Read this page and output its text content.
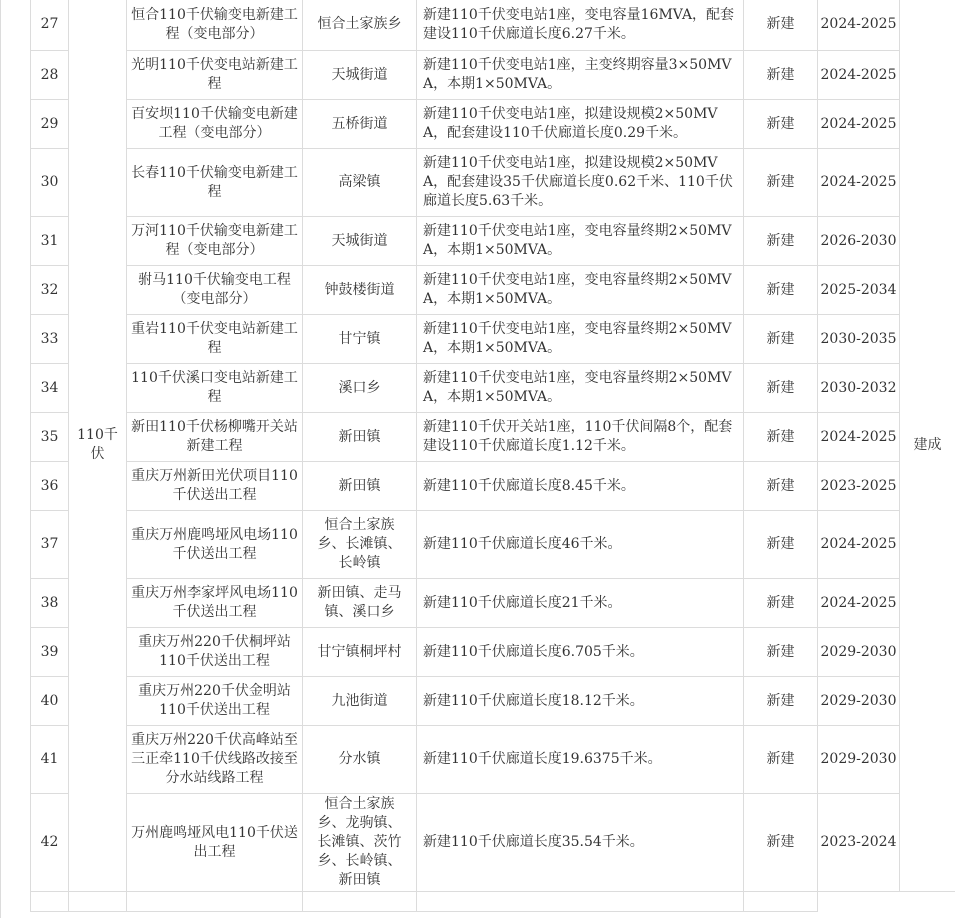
27	110千伏	恒合110千伏输变电新建工程（变电部分）	恒合土家族乡	新建110千伏变电站1座，变电容量16MVA，配套建设110千伏廊道长度6.27千米。	新建	2024-2025	建成
28		光明110千伏变电站新建工程	天城街道	新建110千伏变电站1座，主变终期容量3×50MVA，本期1×50MVA。	新建	2024-2025	
29		百安坝110千伏输变电新建工程（变电部分）	五桥街道	新建110千伏变电站1座，拟建设规模2×50MVA，配套建设110千伏廊道长度0.29千米。	新建	2024-2025	
30		长春110千伏输变电新建工程	高梁镇	新建110千伏变电站1座，拟建设规模2×50MVA，配套建设35千伏廊道长度0.62千米、110千伏廊道长度5.63千米。	新建	2024-2025	
31		万河110千伏输变电新建工程（变电部分）	天城街道	新建110千伏变电站1座，变电容量终期2×50MVA，本期1×50MVA。	新建	2026-2030	
32		驸马110千伏输变电工程（变电部分）	钟鼓楼街道	新建110千伏变电站1座，变电容量终期2×50MVA，本期1×50MVA。	新建	2025-2034	
33		重岩110千伏变电站新建工程	甘宁镇	新建110千伏变电站1座，变电容量终期2×50MVA，本期1×50MVA。	新建	2030-2035	
34		110千伏溪口变电站新建工程	溪口乡	新建110千伏变电站1座，变电容量终期2×50MVA，本期1×50MVA。	新建	2030-2032	
35		新田110千伏杨柳嘴开关站新建工程	新田镇	新建110千伏开关站1座，110千伏间隔8个，配套建设110千伏廊道长度1.12千米。	新建	2024-2025	
36		重庆万州新田光伏项目110千伏送出工程	新田镇	新建110千伏廊道长度8.45千米。	新建	2023-2025	
37		重庆万州鹿鸣垭风电场110千伏送出工程	恒合土家族乡、长滩镇、长岭镇	新建110千伏廊道长度46千米。	新建	2024-2025	
38		重庆万州李家坪风电场110千伏送出工程	新田镇、走马镇、溪口乡	新建110千伏廊道长度21千米。	新建	2024-2025	
39		重庆万州220千伏桐坪站110千伏送出工程	甘宁镇桐坪村	新建110千伏廊道长度6.705千米。	新建	2029-2030	
40		重庆万州220千伏金明站110千伏送出工程	九池街道	新建110千伏廊道长度18.12千米。	新建	2029-2030	
41		重庆万州220千伏高峰站至三正牵110千伏线路改接至分水站线路工程	分水镇	新建110千伏廊道长度19.6375千米。	新建	2029-2030	
42		万州鹿鸣垭风电110千伏送出工程	恒合土家族乡、龙驹镇、长滩镇、茨竹乡、长岭镇、新田镇	新建110千伏廊道长度35.54千米。	新建	2023-2024	
